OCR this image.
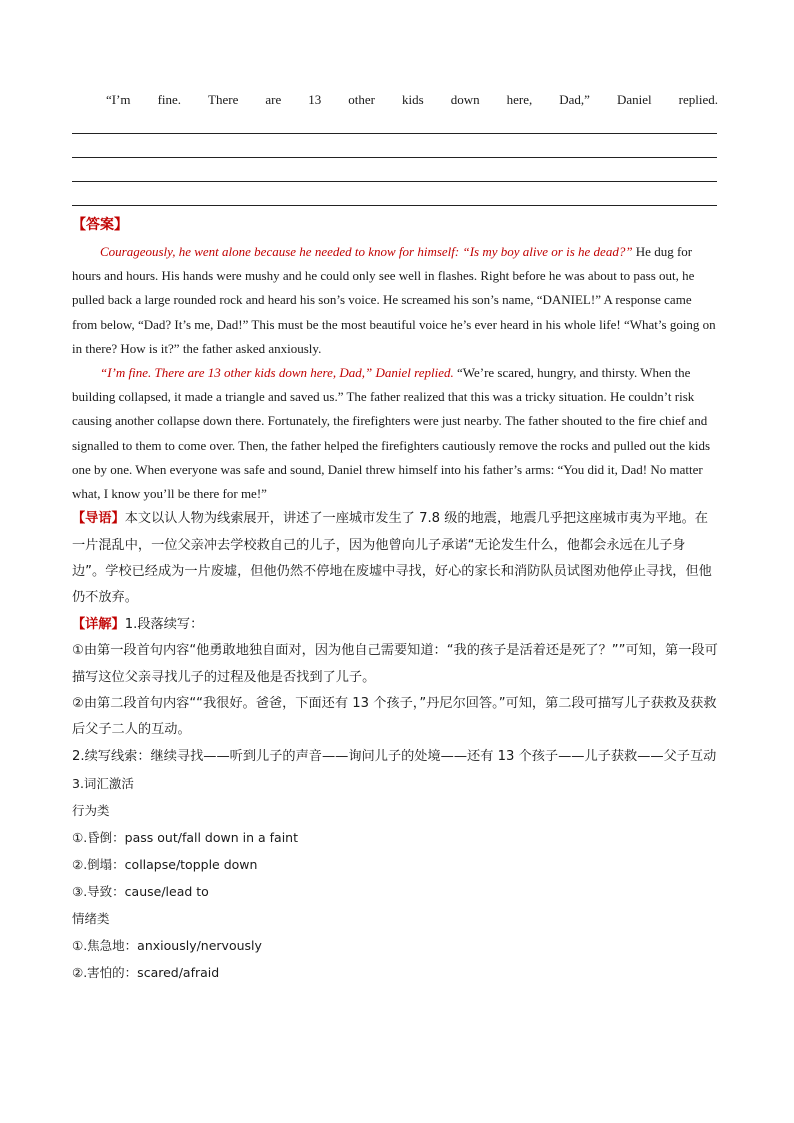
“I’m fine. There are 13 other kids down here, Dad,” Daniel replied.
【答案】

Courageously, he went alone because he needed to know for himself: “Is my boy alive or is he dead?” He dug for hours and hours. His hands were mushy and he could only see well in flashes. Right before he was about to pass out, he pulled back a large rounded rock and heard his son’s voice. He screamed his son’s name, “DANIEL!” A response came from below, “Dad? It’s me, Dad!” This must be the most beautiful voice he’s ever heard in his whole life! “What’s going on in there? How is it?” the father asked anxiously.

“I’m fine. There are 13 other kids down here, Dad,” Daniel replied. “We’re scared, hungry, and thirsty. When the building collapsed, it made a triangle and saved us.” The father realized that this was a tricky situation. He couldn’t risk causing another collapse down there. Fortunately, the firefighters were just nearby. The father shouted to the fire chief and signalled to them to come over. Then, the father helped the firefighters cautiously remove the rocks and pulled out the kids one by one. When everyone was safe and sound, Daniel threw himself into his father’s arms: “You did it, Dad! No matter what, I know you’ll be there for me!”

【导语】本文以认人物为线索展开，讲述了一座城市发生了 7.8 级的地震，地震几乎把这座城市夷为平地。在一片混乱中，一位父亲冲去学校救自己的儿子，因为他曾向儿子承诺“无论发生什么，他都会永远在儿子身边”。学校已经成为一片废墟，但他仍然不停地在废墟中寻找，好心的家长和消防队员试图劝他停止寻找，但他仍不放弃。

【详解】1.段落续写：

①由第一段首句内容“他勇敢地独自面对，因为他自己需要知道：“我的孩子是活着还是死了？””可知，第一段可描写这位父亲寻找儿子的过程及他是否找到了儿子。

②由第二段首句内容““我很好。爸爸，下面还有 13 个孩子，”丹尼尔回答。”可知，第二段可描写儿子获救及获救后父子二人的互动。

2.续写线索：继续寻找——听到儿子的声音——询问儿子的处境——还有 13 个孩子——儿子获救——父子互动

3.词汇激活

行为类

①.昏倒：pass out/fall down in a faint

②.倒塌：collapse/topple down

③.导致：cause/lead to

情绪类

①.焦急地：anxiously/nervously

②.害怕的：scared/afraid
